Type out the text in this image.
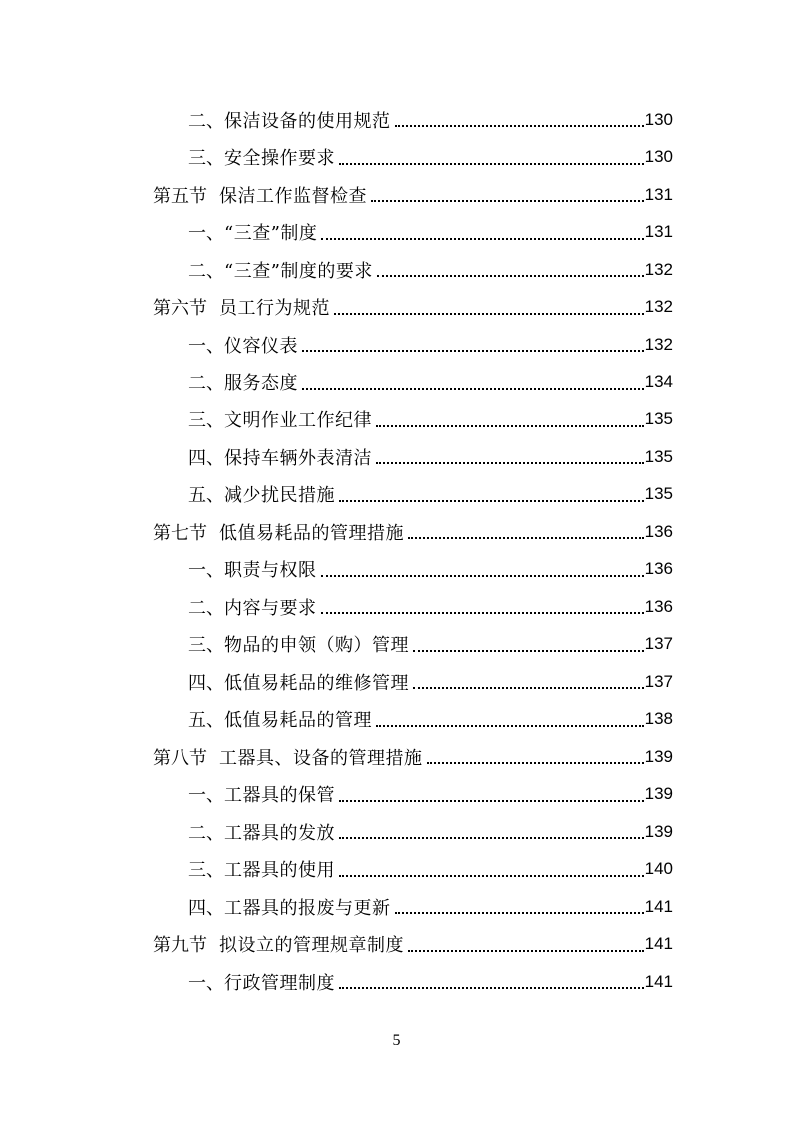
二、 保洁设备的使用规范	130
三、 安全操作要求	130
第五节 保洁工作监督检查	131
一、 “三查”制度	131
二、 “三查”制度的要求	132
第六节 员工行为规范	132
一、 仪容仪表	132
二、 服务态度	134
三、 文明作业工作纪律	135
四、 保持车辆外表清洁	135
五、 减少扰民措施	135
第七节 低值易耗品的管理措施	136
一、 职责与权限	136
二、 内容与要求	136
三、 物品的申领（购）管理	137
四、 低值易耗品的维修管理	137
五、 低值易耗品的管理	138
第八节 工器具、设备的管理措施	139
一、 工器具的保管	139
二、 工器具的发放	139
三、 工器具的使用	140
四、 工器具的报废与更新	141
第九节 拟设立的管理规章制度	141
一、 行政管理制度	141
5
